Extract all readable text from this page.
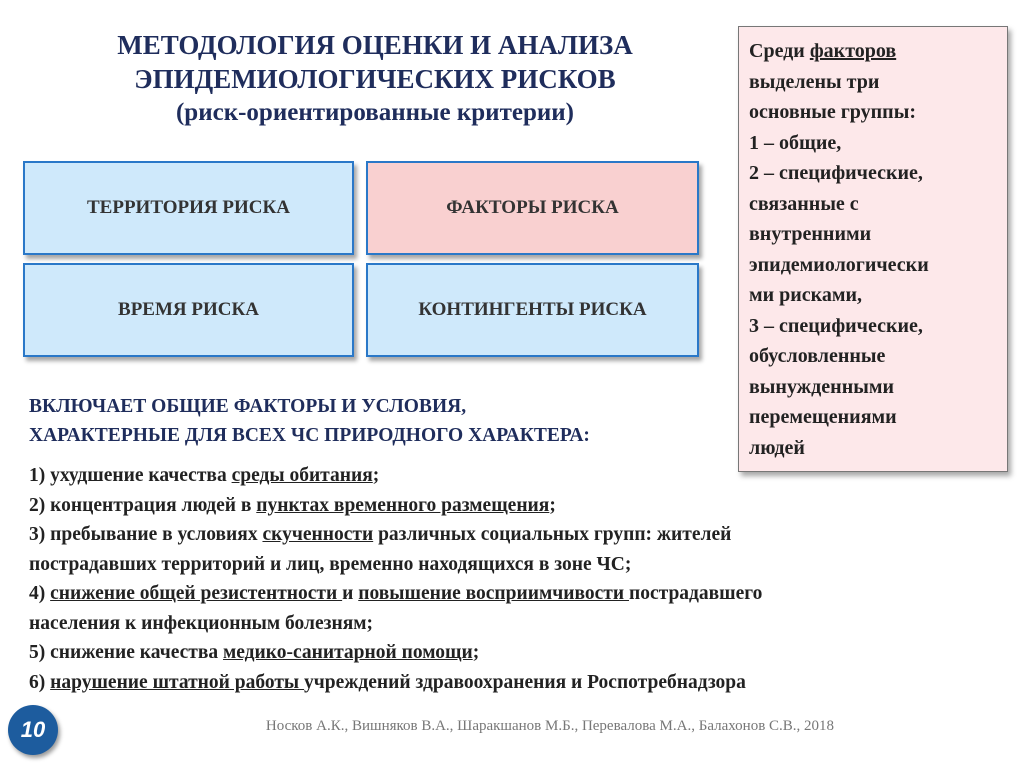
МЕТОДОЛОГИЯ ОЦЕНКИ И АНАЛИЗА
ЭПИДЕМИОЛОГИЧЕСКИХ РИСКОВ
(риск-ориентированные критерии)
ТЕРРИТОРИЯ РИСКА	ФАКТОРЫ РИСКА
ВРЕМЯ РИСКА	КОНТИНГЕНТЫ РИСКА
Среди факторов
выделены три
основные группы:
1 – общие,
2 – специфические,
связанные с
внутренними
эпидемиологически
ми рисками,
3 – специфические,
обусловленные
вынужденными
перемещениями
людей
ВКЛЮЧАЕТ ОБЩИЕ ФАКТОРЫ И УСЛОВИЯ,
ХАРАКТЕРНЫЕ ДЛЯ ВСЕХ ЧС ПРИРОДНОГО ХАРАКТЕРА:
1) ухудшение качества среды обитания;
2) концентрация людей в пунктах временного размещения;
3) пребывание в условиях скученности различных социальных групп: жителей
пострадавших территорий и лиц, временно находящихся в зоне ЧС;
4) снижение общей резистентности и повышение восприимчивости пострадавшего
населения к инфекционным болезням;
5) снижение качества медико-санитарной помощи;
6) нарушение штатной работы учреждений здравоохранения и Роспотребнадзора
10	Носков А.К., Вишняков В.А., Шаракшанов М.Б., Перевалова М.А., Балахонов С.В., 2018
